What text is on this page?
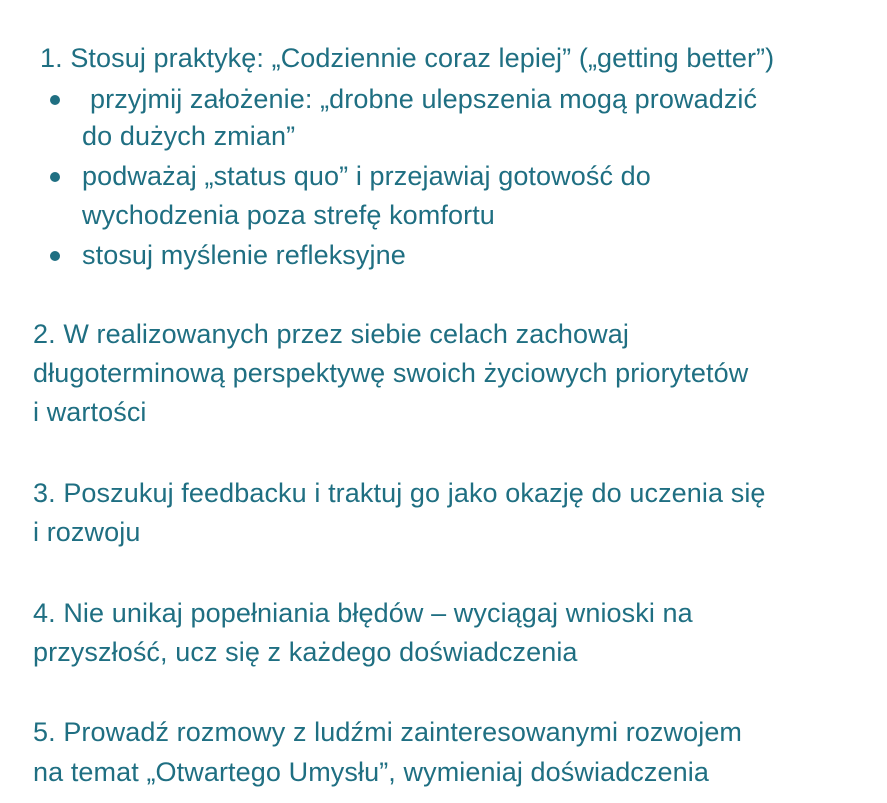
1. Stosuj praktykę: „Codziennie coraz lepiej” („getting better”)
przyjmij założenie: „drobne ulepszenia mogą prowadzić
do dużych zmian”
podważaj „status quo” i przejawiaj gotowość do
wychodzenia poza strefę komfortu
stosuj myślenie refleksyjne
2. W realizowanych przez siebie celach zachowaj
długoterminową perspektywę swoich życiowych priorytetów
i wartości
3. Poszukuj feedbacku i traktuj go jako okazję do uczenia się
i rozwoju
4. Nie unikaj popełniania błędów – wyciągaj wnioski na
przyszłość, ucz się z każdego doświadczenia
5. Prowadź rozmowy z ludźmi zainteresowanymi rozwojem
na temat „Otwartego Umysłu”, wymieniaj doświadczenia
